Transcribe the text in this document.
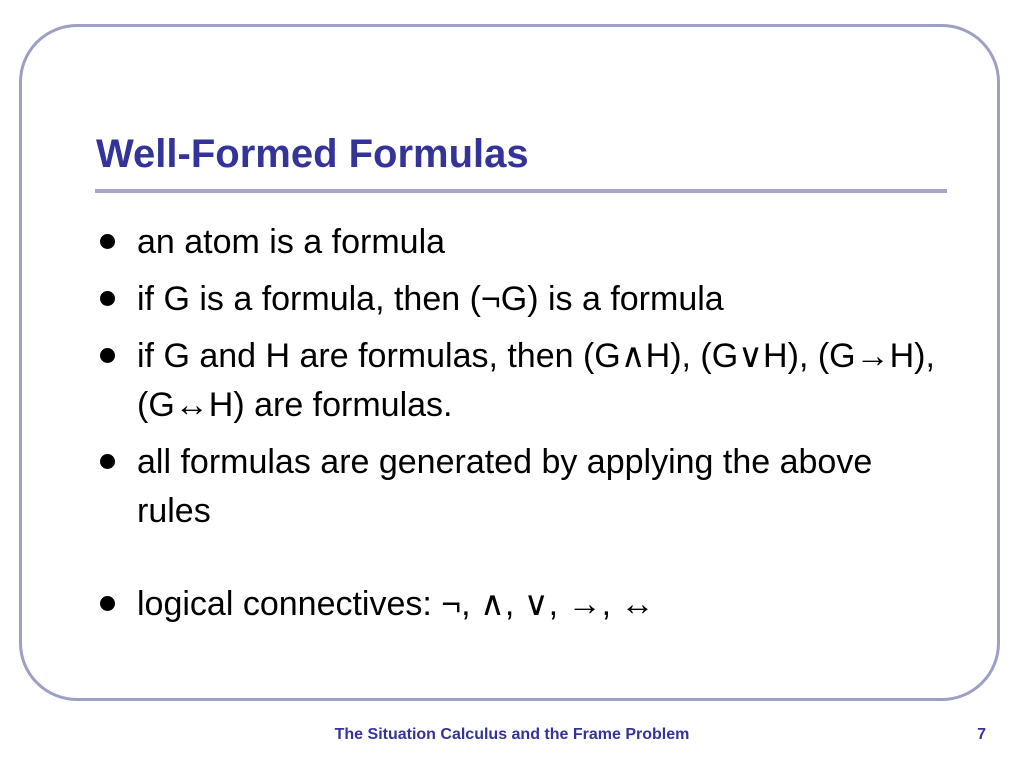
Well-Formed Formulas
an atom is a formula
if G is a formula, then (¬G) is a formula
if G and H are formulas, then (G∧H), (G∨H), (G→H), (G↔H) are formulas.
all formulas are generated by applying the above rules
logical connectives: ¬, ∧, ∨, →, ↔
The Situation Calculus and the Frame Problem	7
